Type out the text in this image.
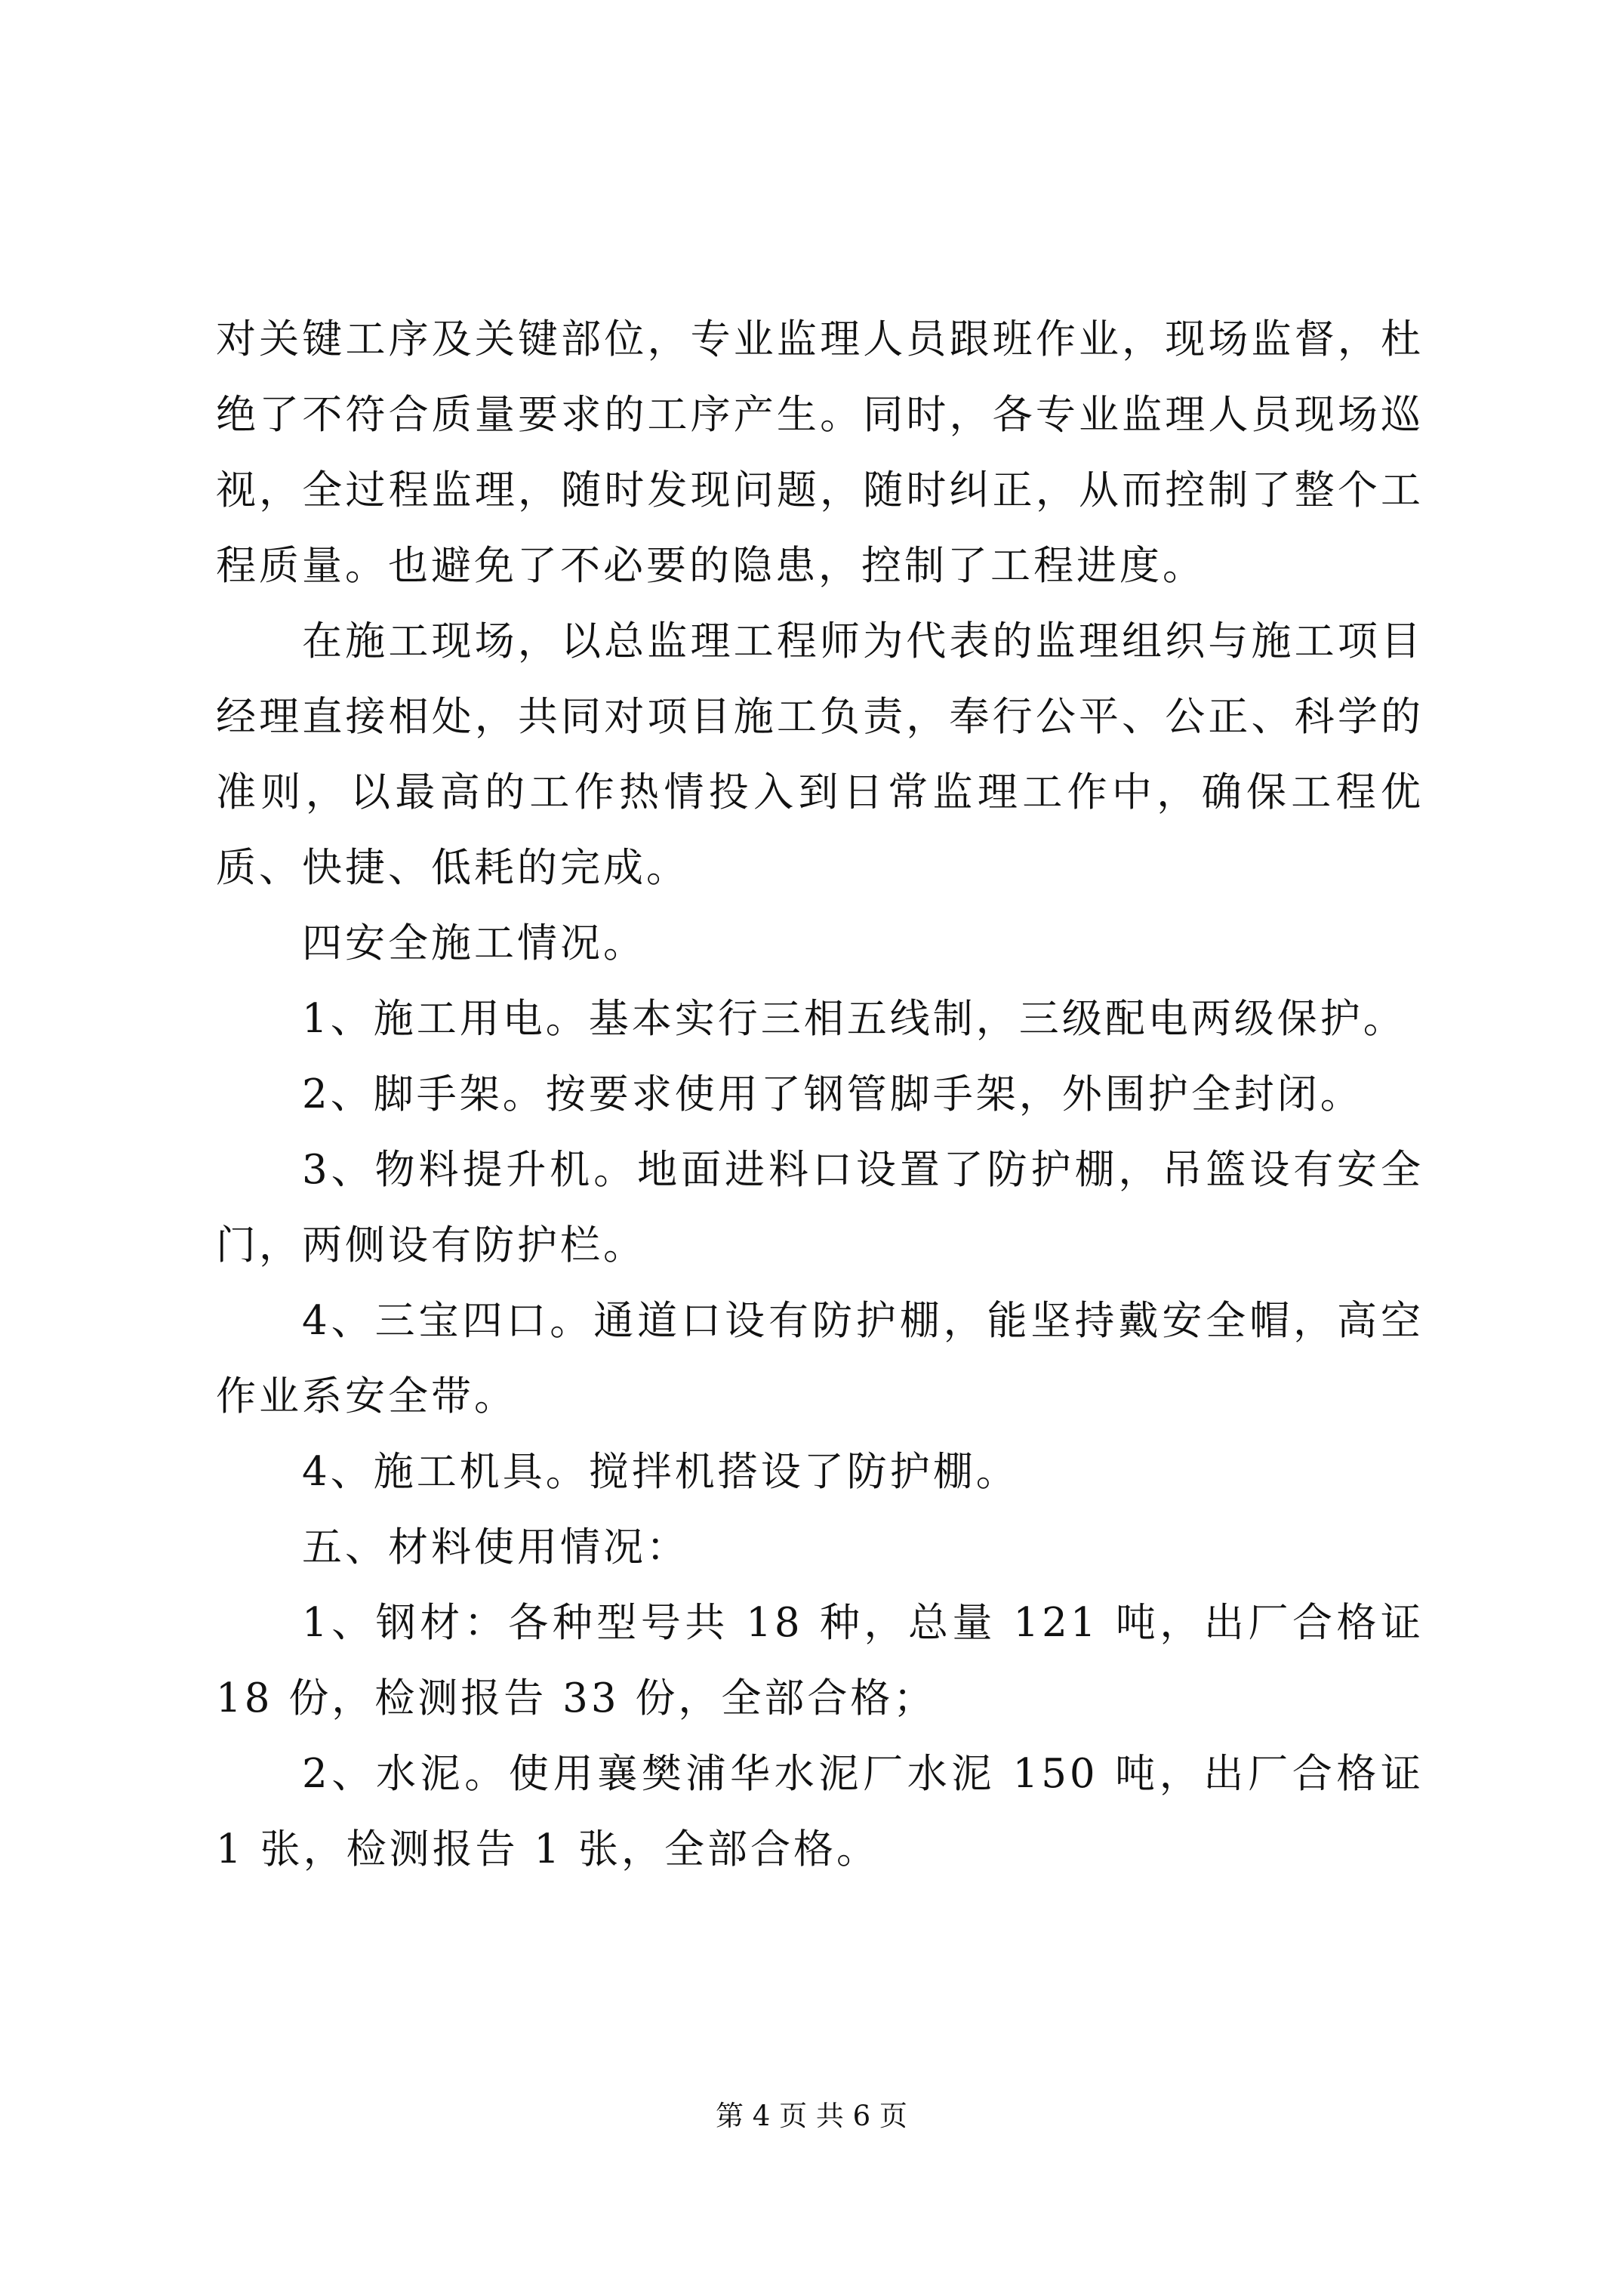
对关键工序及关键部位，专业监理人员跟班作业，现场监督，杜绝了不符合质量要求的工序产生。同时，各专业监理人员现场巡视，全过程监理，随时发现问题，随时纠正，从而控制了整个工程质量。也避免了不必要的隐患，控制了工程进度。

在施工现场，以总监理工程师为代表的监理组织与施工项目经理直接相处，共同对项目施工负责，奉行公平、公正、科学的准则，以最高的工作热情投入到日常监理工作中，确保工程优质、快捷、低耗的完成。

四安全施工情况。

1、施工用电。基本实行三相五线制，三级配电两级保护。

2、脚手架。按要求使用了钢管脚手架，外围护全封闭。

3、物料提升机。地面进料口设置了防护棚，吊篮设有安全门，两侧设有防护栏。

4、三宝四口。通道口设有防护棚，能坚持戴安全帽，高空作业系安全带。

4、施工机具。搅拌机搭设了防护棚。

五、材料使用情况：

1、钢材：各种型号共 18 种，总量 121 吨，出厂合格证 18 份，检测报告 33 份，全部合格；

2、水泥。使用襄樊浦华水泥厂水泥 150 吨，出厂合格证 1 张，检测报告 1 张，全部合格。

第 4 页 共 6 页
